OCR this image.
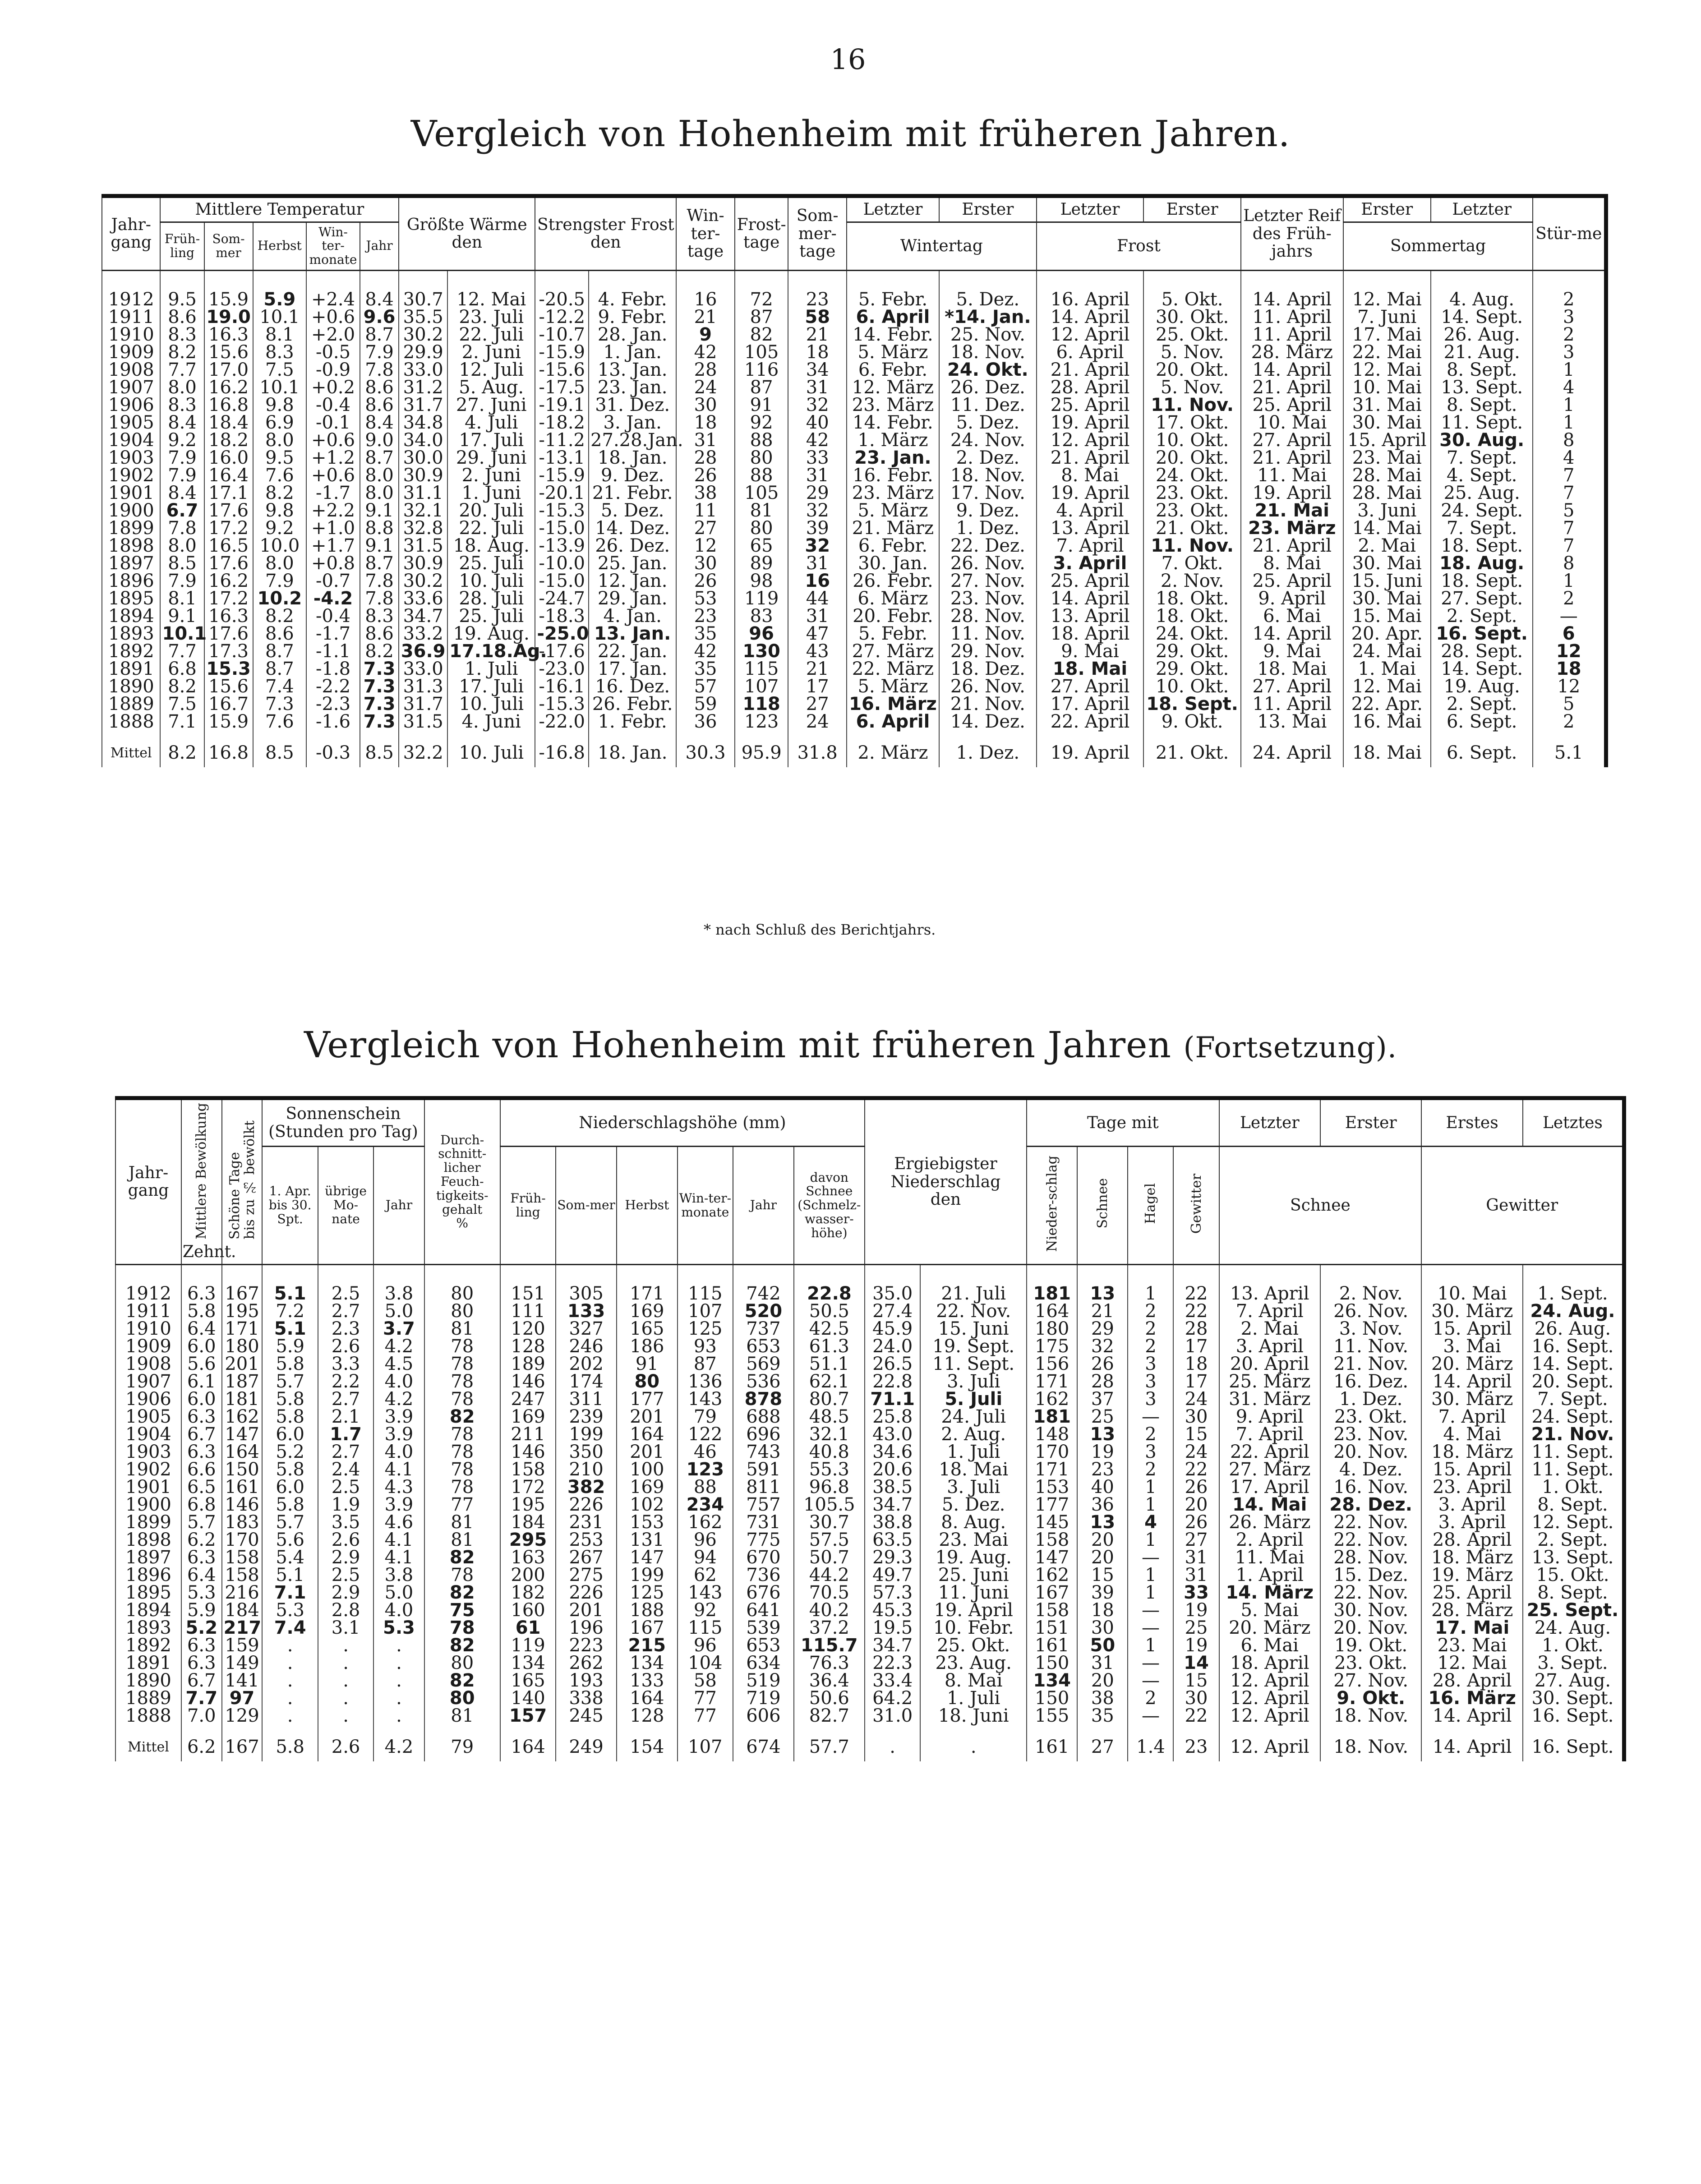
16
Vergleich von Hohenheim mit früheren Jahren.
Jahr-gang	Mittlere Temperatur					Größte Wärme
den		Strengster Frost
den		Win-ter-tage	Frost-tage	Som-mer-tage	Letzter	Erster	Letzter	Erster	Letzter Reif des Früh-jahrs	Erster	Letzter	Stür-me
	Früh-ling	Som-mer	Herbst	Win-ter-monate	Jahr								Wintertag		Frost			Sommertag		
1912	9.5	15.9	5.9	+2.4	8.4	30.7	12. Mai	-20.5	4. Febr.	16	72	23	5. Febr.	5. Dez.	16. April	5. Okt.	14. April	12. Mai	4. Aug.	2
1911	8.6	19.0	10.1	+0.6	9.6	35.5	23. Juli	-12.2	9. Febr.	21	87	58	6. April	*14. Jan.	14. April	30. Okt.	11. April	7. Juni	14. Sept.	3
1910	8.3	16.3	8.1	+2.0	8.7	30.2	22. Juli	-10.7	28. Jan.	9	82	21	14. Febr.	25. Nov.	12. April	25. Okt.	11. April	17. Mai	26. Aug.	2
1909	8.2	15.6	8.3	-0.5	7.9	29.9	2. Juni	-15.9	1. Jan.	42	105	18	5. März	18. Nov.	6. April	5. Nov.	28. März	22. Mai	21. Aug.	3
1908	7.7	17.0	7.5	-0.9	7.8	33.0	12. Juli	-15.6	13. Jan.	28	116	34	6. Febr.	24. Okt.	21. April	20. Okt.	14. April	12. Mai	8. Sept.	1
1907	8.0	16.2	10.1	+0.2	8.6	31.2	5. Aug.	-17.5	23. Jan.	24	87	31	12. März	26. Dez.	28. April	5. Nov.	21. April	10. Mai	13. Sept.	4
1906	8.3	16.8	9.8	-0.4	8.6	31.7	27. Juni	-19.1	31. Dez.	30	91	32	23. März	11. Dez.	25. April	11. Nov.	25. April	31. Mai	8. Sept.	1
1905	8.4	18.4	6.9	-0.1	8.4	34.8	4. Juli	-18.2	3. Jan.	18	92	40	14. Febr.	5. Dez.	19. April	17. Okt.	10. Mai	30. Mai	11. Sept.	1
1904	9.2	18.2	8.0	+0.6	9.0	34.0	17. Juli	-11.2	27.28.Jan.	31	88	42	1. März	24. Nov.	12. April	10. Okt.	27. April	15. April	30. Aug.	8
1903	7.9	16.0	9.5	+1.2	8.7	30.0	29. Juni	-13.1	18. Jan.	28	80	33	23. Jan.	2. Dez.	21. April	20. Okt.	21. April	23. Mai	7. Sept.	4
1902	7.9	16.4	7.6	+0.6	8.0	30.9	2. Juni	-15.9	9. Dez.	26	88	31	16. Febr.	18. Nov.	8. Mai	24. Okt.	11. Mai	28. Mai	4. Sept.	7
1901	8.4	17.1	8.2	-1.7	8.0	31.1	1. Juni	-20.1	21. Febr.	38	105	29	23. März	17. Nov.	19. April	23. Okt.	19. April	28. Mai	25. Aug.	7
1900	6.7	17.6	9.8	+2.2	9.1	32.1	20. Juli	-15.3	5. Dez.	11	81	32	5. März	9. Dez.	4. April	23. Okt.	21. Mai	3. Juni	24. Sept.	5
1899	7.8	17.2	9.2	+1.0	8.8	32.8	22. Juli	-15.0	14. Dez.	27	80	39	21. März	1. Dez.	13. April	21. Okt.	23. März	14. Mai	7. Sept.	7
1898	8.0	16.5	10.0	+1.7	9.1	31.5	18. Aug.	-13.9	26. Dez.	12	65	32	6. Febr.	22. Dez.	7. April	11. Nov.	21. April	2. Mai	18. Sept.	7
1897	8.5	17.6	8.0	+0.8	8.7	30.9	25. Juli	-10.0	25. Jan.	30	89	31	30. Jan.	26. Nov.	3. April	7. Okt.	8. Mai	30. Mai	18. Aug.	8
1896	7.9	16.2	7.9	-0.7	7.8	30.2	10. Juli	-15.0	12. Jan.	26	98	16	26. Febr.	27. Nov.	25. April	2. Nov.	25. April	15. Juni	18. Sept.	1
1895	8.1	17.2	10.2	-4.2	7.8	33.6	28. Juli	-24.7	29. Jan.	53	119	44	6. März	23. Nov.	14. April	18. Okt.	9. April	30. Mai	27. Sept.	2
1894	9.1	16.3	8.2	-0.4	8.3	34.7	25. Juli	-18.3	4. Jan.	23	83	31	20. Febr.	28. Nov.	13. April	18. Okt.	6. Mai	15. Mai	2. Sept.	—
1893	10.1	17.6	8.6	-1.7	8.6	33.2	19. Aug.	-25.0	13. Jan.	35	96	47	5. Febr.	11. Nov.	18. April	24. Okt.	14. April	20. Apr.	16. Sept.	6
1892	7.7	17.3	8.7	-1.1	8.2	36.9	17.18.Ag.	-17.6	22. Jan.	42	130	43	27. März	29. Nov.	9. Mai	29. Okt.	9. Mai	24. Mai	28. Sept.	12
1891	6.8	15.3	8.7	-1.8	7.3	33.0	1. Juli	-23.0	17. Jan.	35	115	21	22. März	18. Dez.	18. Mai	29. Okt.	18. Mai	1. Mai	14. Sept.	18
1890	8.2	15.6	7.4	-2.2	7.3	31.3	17. Juli	-16.1	16. Dez.	57	107	17	5. März	26. Nov.	27. April	10. Okt.	27. April	12. Mai	19. Aug.	12
1889	7.5	16.7	7.3	-2.3	7.3	31.7	10. Juli	-15.3	26. Febr.	59	118	27	16. März	21. Nov.	17. April	18. Sept.	11. April	22. Apr.	2. Sept.	5
1888	7.1	15.9	7.6	-1.6	7.3	31.5	4. Juni	-22.0	1. Febr.	36	123	24	6. April	14. Dez.	22. April	9. Okt.	13. Mai	16. Mai	6. Sept.	2
Mittel	8.2	16.8	8.5	-0.3	8.5	32.2	10. Juli	-16.8	18. Jan.	30.3	95.9	31.8	2. März	1. Dez.	19. April	21. Okt.	24. April	18. Mai	6. Sept.	5.1
* nach Schluß des Berichtjahrs.
Vergleich von Hohenheim mit früheren Jahren (Fortsetzung).
Jahr-gang	Mittlere Bewölkung
Zehnt.	Schöne Tagebis zu ⅔ bewölkt	Sonnenschein
(Stunden pro Tag)			Durch-schnitt-licher Feuch-tigkeits-gehalt
%	Niederschlagshöhe (mm)						Ergiebigster Niederschlag
den		Tage mit				Letzter	Erster	Erstes	Letztes
			1. Apr. bis 30. Spt.	übrige Mo-nate	Jahr		Früh-ling	Som-mer	Herbst	Win-ter-monate	Jahr	davon Schnee (Schmelz-wasser-höhe)			Nieder-schlag	Schnee	Hagel	Gewitter	Schnee		Gewitter	
1912	6.3	167	5.1	2.5	3.8	80	151	305	171	115	742	22.8	35.0	21. Juli	181	13	1	22	13. April	2. Nov.	10. Mai	1. Sept.
1911	5.8	195	7.2	2.7	5.0	80	111	133	169	107	520	50.5	27.4	22. Nov.	164	21	2	22	7. April	26. Nov.	30. März	24. Aug.
1910	6.4	171	5.1	2.3	3.7	81	120	327	165	125	737	42.5	45.9	15. Juni	180	29	2	28	2. Mai	3. Nov.	15. April	26. Aug.
1909	6.0	180	5.9	2.6	4.2	78	128	246	186	93	653	61.3	24.0	19. Sept.	175	32	2	17	3. April	11. Nov.	3. Mai	16. Sept.
1908	5.6	201	5.8	3.3	4.5	78	189	202	91	87	569	51.1	26.5	11. Sept.	156	26	3	18	20. April	21. Nov.	20. März	14. Sept.
1907	6.1	187	5.7	2.2	4.0	78	146	174	80	136	536	62.1	22.8	3. Juli	171	28	3	17	25. März	16. Dez.	14. April	20. Sept.
1906	6.0	181	5.8	2.7	4.2	78	247	311	177	143	878	80.7	71.1	5. Juli	162	37	3	24	31. März	1. Dez.	30. März	7. Sept.
1905	6.3	162	5.8	2.1	3.9	82	169	239	201	79	688	48.5	25.8	24. Juli	181	25	—	30	9. April	23. Okt.	7. April	24. Sept.
1904	6.7	147	6.0	1.7	3.9	78	211	199	164	122	696	32.1	43.0	2. Aug.	148	13	2	15	7. April	23. Nov.	4. Mai	21. Nov.
1903	6.3	164	5.2	2.7	4.0	78	146	350	201	46	743	40.8	34.6	1. Juli	170	19	3	24	22. April	20. Nov.	18. März	11. Sept.
1902	6.6	150	5.8	2.4	4.1	78	158	210	100	123	591	55.3	20.6	18. Mai	171	23	2	22	27. März	4. Dez.	15. April	11. Sept.
1901	6.5	161	6.0	2.5	4.3	78	172	382	169	88	811	96.8	38.5	3. Juli	153	40	1	26	17. April	16. Nov.	23. April	1. Okt.
1900	6.8	146	5.8	1.9	3.9	77	195	226	102	234	757	105.5	34.7	5. Dez.	177	36	1	20	14. Mai	28. Dez.	3. April	8. Sept.
1899	5.7	183	5.7	3.5	4.6	81	184	231	153	162	731	30.7	38.8	8. Aug.	145	13	4	26	26. März	22. Nov.	3. April	12. Sept.
1898	6.2	170	5.6	2.6	4.1	81	295	253	131	96	775	57.5	63.5	23. Mai	158	20	1	27	2. April	22. Nov.	28. April	2. Sept.
1897	6.3	158	5.4	2.9	4.1	82	163	267	147	94	670	50.7	29.3	19. Aug.	147	20	—	31	11. Mai	28. Nov.	18. März	13. Sept.
1896	6.4	158	5.1	2.5	3.8	78	200	275	199	62	736	44.2	49.7	25. Juni	162	15	1	31	1. April	15. Dez.	19. März	15. Okt.
1895	5.3	216	7.1	2.9	5.0	82	182	226	125	143	676	70.5	57.3	11. Juni	167	39	1	33	14. März	22. Nov.	25. April	8. Sept.
1894	5.9	184	5.3	2.8	4.0	75	160	201	188	92	641	40.2	45.3	19. April	158	18	—	19	5. Mai	30. Nov.	28. März	25. Sept.
1893	5.2	217	7.4	3.1	5.3	78	61	196	167	115	539	37.2	19.5	10. Febr.	151	30	—	25	20. März	20. Nov.	17. Mai	24. Aug.
1892	6.3	159	.	.	.	82	119	223	215	96	653	115.7	34.7	25. Okt.	161	50	1	19	6. Mai	19. Okt.	23. Mai	1. Okt.
1891	6.3	149	.	.	.	80	134	262	134	104	634	76.3	22.3	23. Aug.	150	31	—	14	18. April	23. Okt.	12. Mai	3. Sept.
1890	6.7	141	.	.	.	82	165	193	133	58	519	36.4	33.4	8. Mai	134	20	—	15	12. April	27. Nov.	28. April	27. Aug.
1889	7.7	97	.	.	.	80	140	338	164	77	719	50.6	64.2	1. Juli	150	38	2	30	12. April	9. Okt.	16. März	30. Sept.
1888	7.0	129	.	.	.	81	157	245	128	77	606	82.7	31.0	18. Juni	155	35	—	22	12. April	18. Nov.	14. April	16. Sept.
Mittel	6.2	167	5.8	2.6	4.2	79	164	249	154	107	674	57.7	.	.	161	27	1.4	23	12. April	18. Nov.	14. April	16. Sept.
